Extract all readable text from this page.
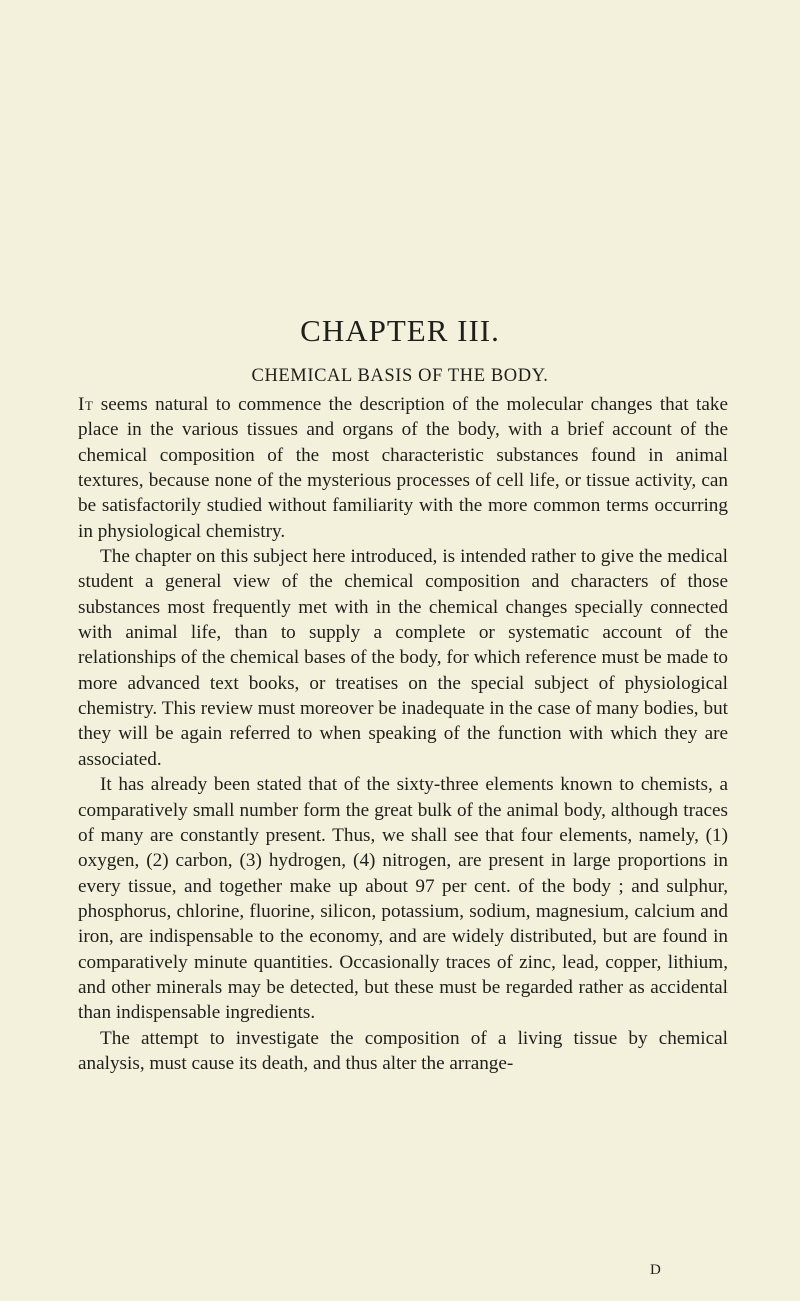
CHAPTER III.
CHEMICAL BASIS OF THE BODY.

It seems natural to commence the description of the molecular changes that take place in the various tissues and organs of the body, with a brief account of the chemical composition of the most characteristic substances found in animal textures, because none of the mysterious processes of cell life, or tissue activity, can be satisfactorily studied without familiarity with the more common terms occurring in physiological chemistry.

The chapter on this subject here introduced, is intended rather to give the medical student a general view of the chemical composition and characters of those substances most frequently met with in the chemical changes specially connected with animal life, than to supply a complete or systematic account of the relationships of the chemical bases of the body, for which reference must be made to more advanced text books, or treatises on the special subject of physiological chemistry. This review must moreover be inadequate in the case of many bodies, but they will be again referred to when speaking of the function with which they are associated.

It has already been stated that of the sixty-three elements known to chemists, a comparatively small number form the great bulk of the animal body, although traces of many are constantly present. Thus, we shall see that four elements, namely, (1) oxygen, (2) carbon, (3) hydrogen, (4) nitrogen, are present in large proportions in every tissue, and together make up about 97 per cent. of the body ; and sulphur, phosphorus, chlorine, fluorine, silicon, potassium, sodium, magnesium, calcium and iron, are indispensable to the economy, and are widely distributed, but are found in comparatively minute quantities. Occasionally traces of zinc, lead, copper, lithium, and other minerals may be detected, but these must be regarded rather as accidental than indispensable ingredients.

The attempt to investigate the composition of a living tissue by chemical analysis, must cause its death, and thus alter the arrange-

D
